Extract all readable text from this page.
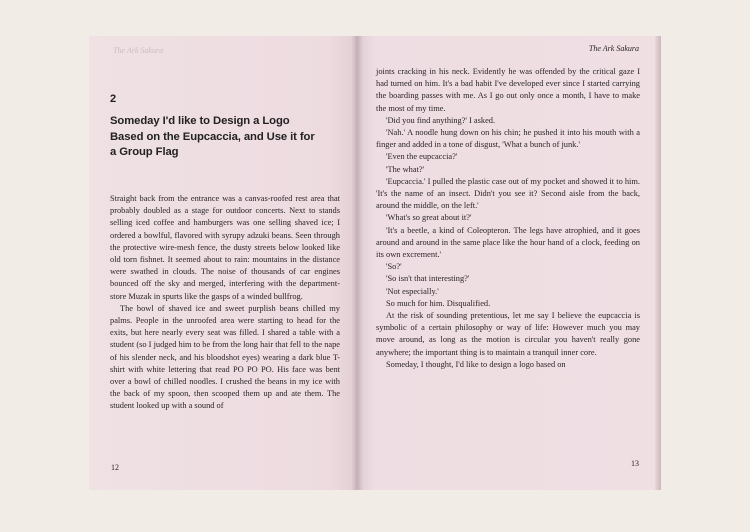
The Ark Sakura
2
Someday I'd like to Design a Logo Based on the Eupcaccia, and Use it for a Group Flag

Straight back from the entrance was a canvas-roofed rest area that probably doubled as a stage for outdoor concerts. Next to stands selling iced coffee and hamburgers was one selling shaved ice; I ordered a bowlful, flavored with syrupy adzuki beans. Seen through the protective wire-mesh fence, the dusty streets below looked like old torn fishnet. It seemed about to rain: mountains in the distance were swathed in clouds. The noise of thousands of car engines bounced off the sky and merged, interfering with the department-store Muzak in spurts like the gasps of a winded bullfrog.

The bowl of shaved ice and sweet purplish beans chilled my palms. People in the unroofed area were starting to head for the exits, but here nearly every seat was filled. I shared a table with a student (so I judged him to be from the long hair that fell to the nape of his slender neck, and his bloodshot eyes) wearing a dark blue T-shirt with white lettering that read PO PO PO. His face was bent over a bowl of chilled noodles. I crushed the beans in my ice with the back of my spoon, then scooped them up and ate them. The student looked up with a sound of

12
The Ark Sakura

joints cracking in his neck. Evidently he was offended by the critical gaze I had turned on him. It's a bad habit I've developed ever since I started carrying the boarding passes with me. As I go out only once a month, I have to make the most of my time.

'Did you find anything?' I asked.

'Nah.' A noodle hung down on his chin; he pushed it into his mouth with a finger and added in a tone of disgust, 'What a bunch of junk.'

'Even the eupcaccia?'

'The what?'

'Eupcaccia.' I pulled the plastic case out of my pocket and showed it to him. 'It's the name of an insect. Didn't you see it? Second aisle from the back, around the middle, on the left.'

'What's so great about it?'

'It's a beetle, a kind of Coleopteron. The legs have atrophied, and it goes around and around in the same place like the hour hand of a clock, feeding on its own excrement.'

'So?'

'So isn't that interesting?'

'Not especially.'

So much for him. Disqualified.

At the risk of sounding pretentious, let me say I believe the eupcaccia is symbolic of a certain philosophy or way of life: However much you may move around, as long as the motion is circular you haven't really gone anywhere; the important thing is to maintain a tranquil inner core.

Someday, I thought, I'd like to design a logo based on

13
